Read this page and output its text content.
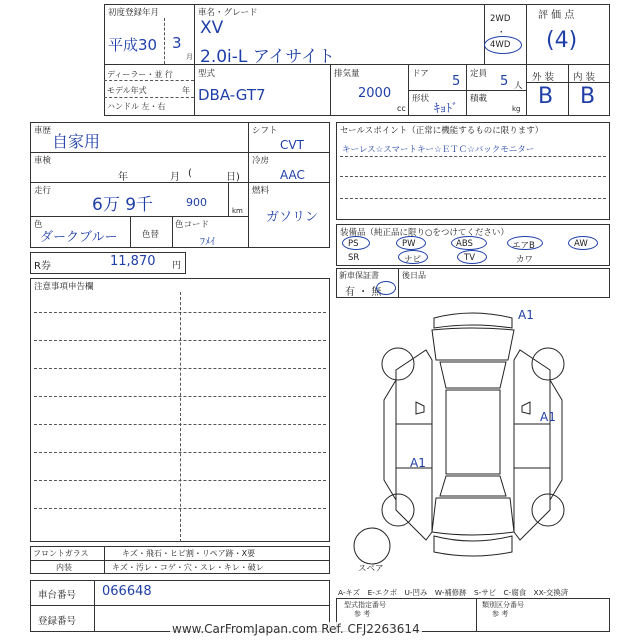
初度登録年月
平成30 3
月
車名・グレード
XV
2.0i-L アイサイト
2WD
・
4WD
評 価 点
(4)
ディーラー・並 行
モデル年式	年
ハンドル 左・右
型式
DBA-GT7
排気量
2000
cc
ドア 5 定員 5 人
形状
ｷｮﾄﾞ
積載
kg
外 装 内 装
B B
車歴
自家用
車検
年	月 (	日)
走行
6万 9千	900
km
色
ダークブルー	色替
色コード
ﾌﾒｲ
シフト
CVT
冷房
AAC
燃料
ガソリン
セールスポイント（正常に機能するものに限ります）
キーレス☆スマートキー☆ＥＴＣ☆バックモニター
装備品（純正品に限り○をつけてください）
PS	PW	ABS	エアB	AW
SR	ナビ	TV	カワ
新車保証書
有 ・ 無
後日品
R券	11,870 円
注意事項申告欄
A1
A1
A1
スペア
フロントガラス	キズ・飛石・ヒビ割・リペア跡・X要
内装	キズ・汚レ・コゲ・穴・スレ・キレ・破レ
車台番号 066648
登録番号
A-キズ　E-エクボ　U-凹み　W-補修跡　S-サビ　C-腐食　XX-交換済
型式指定番号
参 考
類別区分番号
参 考
www.CarFromJapan.com Ref. CFJ2263614
